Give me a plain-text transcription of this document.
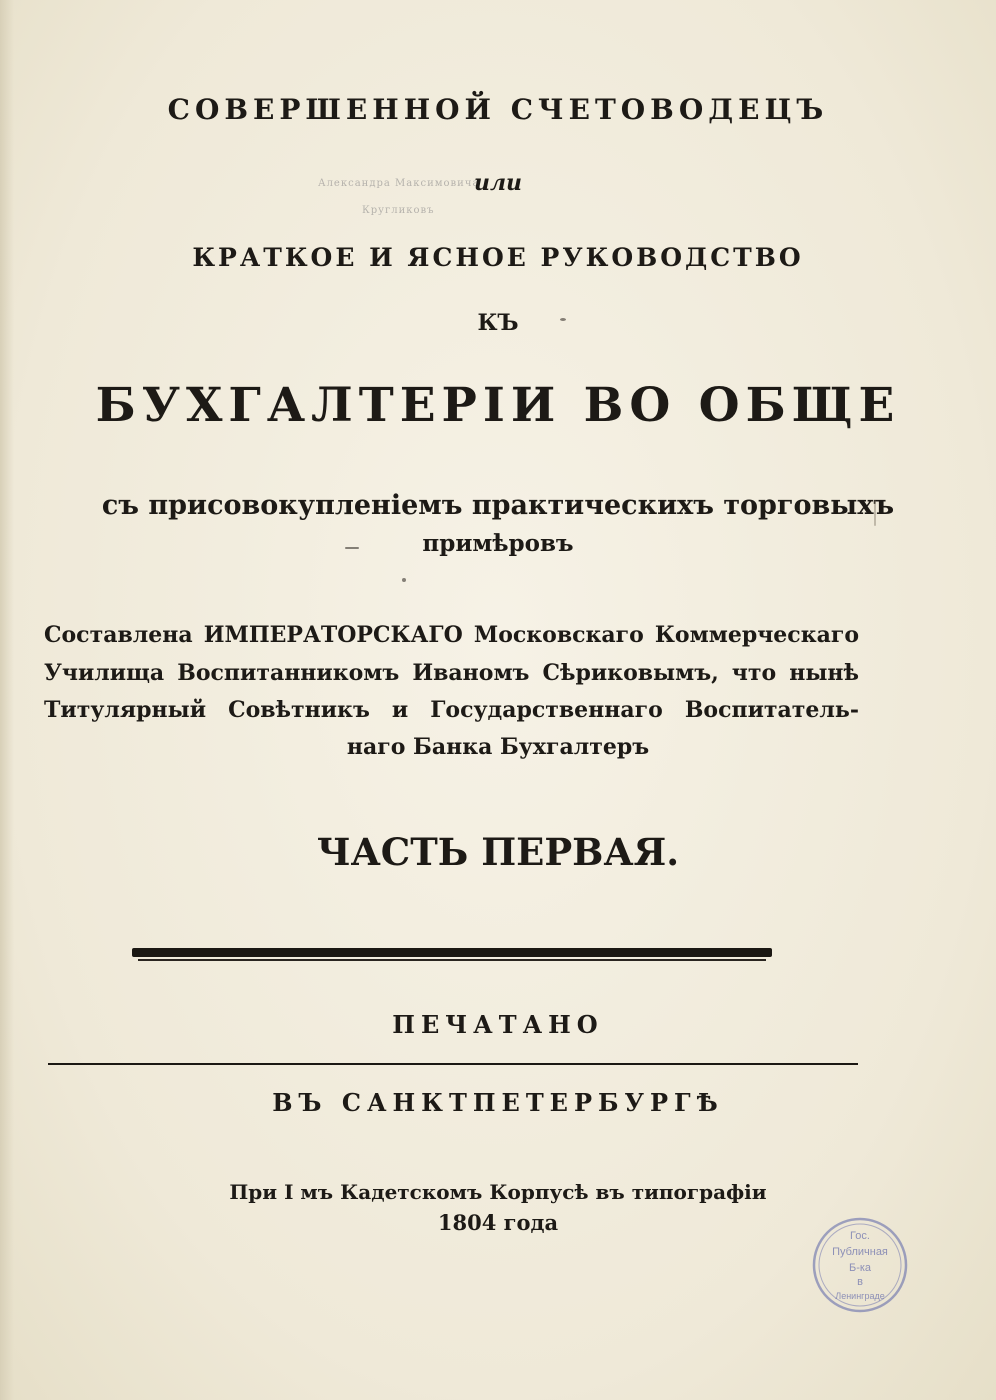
СОВЕРШЕННОЙ СЧЕТОВОДЕЦЪ
Александра Максимовича
Кругликовъ
или
КРАТКОЕ И ЯСНОЕ РУКОВОДСТВО
КЪ
БУХГАЛТЕРІИ ВО ОБЩЕ
съ присовокупленіемъ практическихъ торговыхъ
примѣровъ
Составлена ИМПЕРАТОРСКАГО Московскаго Коммерческаго
Училища Воспитанникомъ Иваномъ Сѣриковымъ, что нынѣ
Титулярный Совѣтникъ и Государственнаго Воспитатель-
наго Банка Бухгалтеръ
ЧАСТЬ ПЕРВАЯ.
ПЕЧАТАНО
ВЪ САНКТПЕТЕРБУРГѢ
При I мъ Кадетскомъ Корпусѣ въ типографіи
1804 года
Гос.
Публичная
Б-ка
в
Ленинграде
